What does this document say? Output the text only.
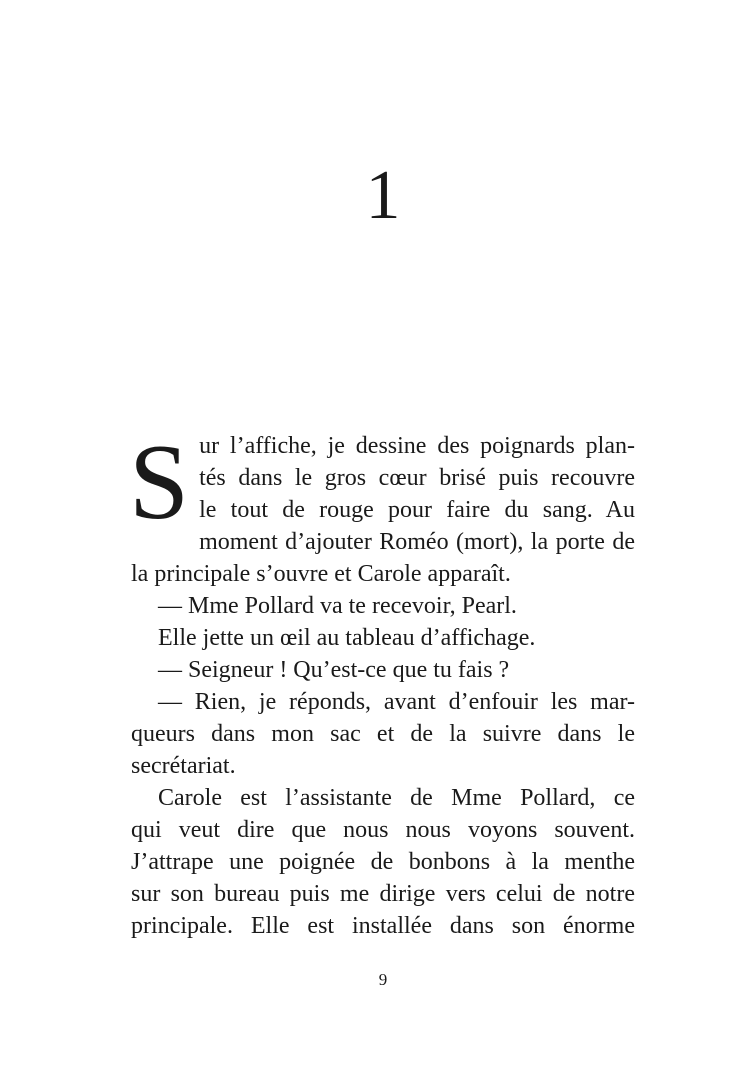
1
S ur l’affiche, je dessine des poignards plan-

tés dans le gros cœur brisé puis recouvre

le tout de rouge pour faire du sang. Au

moment d’ajouter Roméo (mort), la porte de

la principale s’ouvre et Carole apparaît.

— Mme Pollard va te recevoir, Pearl.

Elle jette un œil au tableau d’affichage.

— Seigneur ! Qu’est-ce que tu fais ?

— Rien, je réponds, avant d’enfouir les mar-

queurs dans mon sac et de la suivre dans le

secrétariat.

Carole est l’assistante de Mme Pollard, ce

qui veut dire que nous nous voyons souvent.

J’attrape une poignée de bonbons à la menthe

sur son bureau puis me dirige vers celui de notre

principale. Elle est installée dans son énorme

9
